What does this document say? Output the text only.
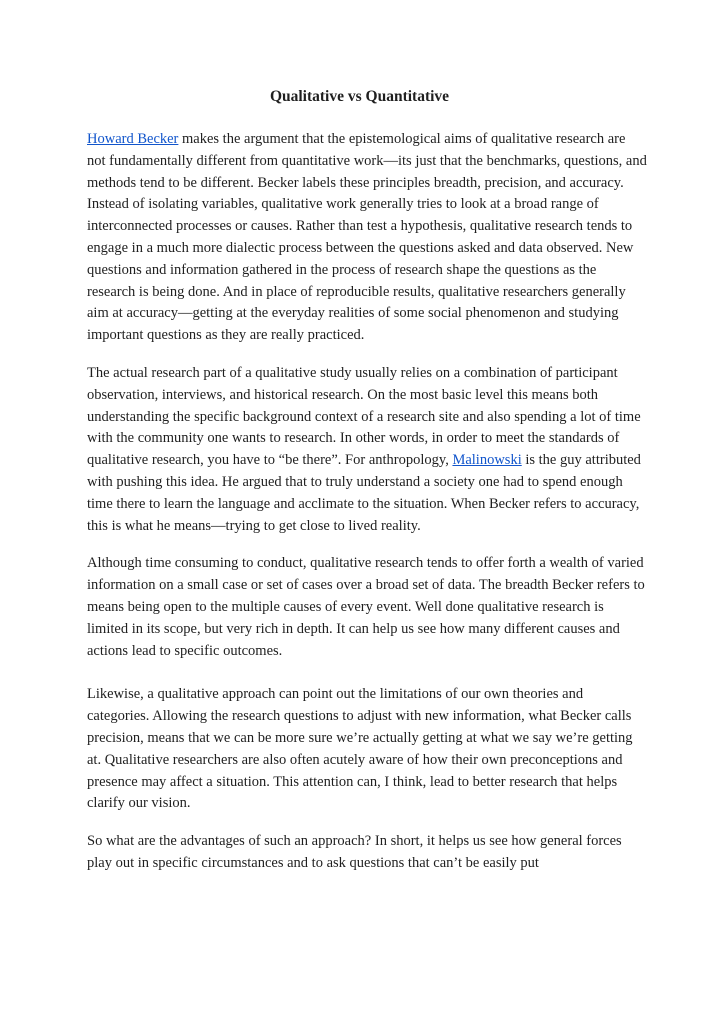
Qualitative vs Quantitative

Howard Becker makes the argument that the epistemological aims of qualitative research are not fundamentally different from quantitative work—its just that the benchmarks, questions, and methods tend to be different. Becker labels these principles breadth, precision, and accuracy. Instead of isolating variables, qualitative work generally tries to look at a broad range of interconnected processes or causes. Rather than test a hypothesis, qualitative research tends to engage in a much more dialectic process between the questions asked and data observed. New questions and information gathered in the process of research shape the questions as the research is being done. And in place of reproducible results, qualitative researchers generally aim at accuracy—getting at the everyday realities of some social phenomenon and studying important questions as they are really practiced.

The actual research part of a qualitative study usually relies on a combination of participant observation, interviews, and historical research. On the most basic level this means both understanding the specific background context of a research site and also spending a lot of time with the community one wants to research. In other words, in order to meet the standards of qualitative research, you have to “be there”. For anthropology, Malinowski is the guy attributed with pushing this idea. He argued that to truly understand a society one had to spend enough time there to learn the language and acclimate to the situation. When Becker refers to accuracy, this is what he means—trying to get close to lived reality.

Although time consuming to conduct, qualitative research tends to offer forth a wealth of varied information on a small case or set of cases over a broad set of data. The breadth Becker refers to means being open to the multiple causes of every event. Well done qualitative research is limited in its scope, but very rich in depth. It can help us see how many different causes and actions lead to specific outcomes.

Likewise, a qualitative approach can point out the limitations of our own theories and categories. Allowing the research questions to adjust with new information, what Becker calls precision, means that we can be more sure we’re actually getting at what we say we’re getting at. Qualitative researchers are also often acutely aware of how their own preconceptions and presence may affect a situation. This attention can, I think, lead to better research that helps clarify our vision.

So what are the advantages of such an approach? In short, it helps us see how general forces play out in specific circumstances and to ask questions that can’t be easily put
